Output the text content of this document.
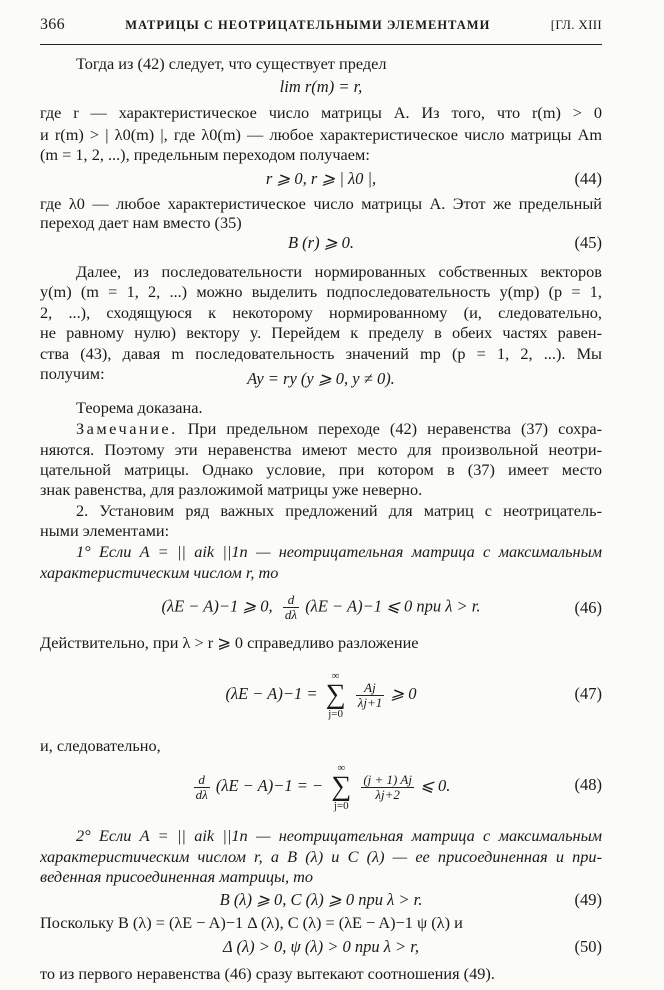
366	МАТРИЦЫ С НЕОТРИЦАТЕЛЬНЫМИ ЭЛЕМЕНТАМИ	[ГЛ. XIII
Тогда из (42) следует, что существует предел
lim r(m) = r,
где r — характеристическое число матрицы A. Из того, что r(m) > 0
и r(m) > | λ0(m) |, где λ0(m) — любое характеристическое число матрицы Am
(m = 1, 2, ...), предельным переходом получаем:
r ⩾ 0, r ⩾ | λ0 |,	(44)
где λ0 — любое характеристическое число матрицы A. Этот же предельный
переход дает нам вместо (35)
B (r) ⩾ 0.	(45)
Далее, из последовательности нормированных собственных векторов
y(m) (m = 1, 2, ...) можно выделить подпоследовательность y(mp) (p = 1,
2, ...), сходящуюся к некоторому нормированному (и, следовательно,
не равному нулю) вектору y. Перейдем к пределу в обеих частях равен-
ства (43), давая m последовательность значений mp (p = 1, 2, ...). Мы
получим:	Ay = ry (y ⩾ 0, y ≠ 0).
Теорема доказана.
Замечание. При предельном переходе (42) неравенства (37) сохра-
няются. Поэтому эти неравенства имеют место для произвольной неотри-
цательной матрицы. Однако условие, при котором в (37) имеет место
знак равенства, для разложимой матрицы уже неверно.
2. Установим ряд важных предложений для матриц с неотрицатель-
ными элементами:
1° Если A = || aik ||1n — неотрицательная матрица с максимальным
характеристическим числом r, то
(λE − A)−1 ⩾ 0, $\frac{d}{d\lambda} (\lambda E - A)-1$ ⩽ 0 при λ > r.	(46)
Действительно, при λ > r ⩾ 0 справедливо разложение
(λE − A)−1 = ∞
∑
j=0
$\frac{Aj}{\lambda j+1}$ ⩾ 0	(47)
и, следовательно,
$\frac{d}{d\lambda} (\lambda E - A)-1$ = − ∞
∑
j=0
$\frac{(j + 1) Aj}{\lambda j+2}$ ⩽ 0.	(48)
2° Если A = || aik ||1n — неотрицательная матрица с максимальным
характеристическим числом r, а B (λ) и C (λ) — ее присоединенная и при-
веденная присоединенная матрицы, то
B (λ) ⩾ 0, C (λ) ⩾ 0 при λ > r.	(49)
Поскольку B (λ) = (λE − A)−1 Δ (λ), C (λ) = (λE − A)−1 ψ (λ) и
Δ (λ) > 0, ψ (λ) > 0 при λ > r,	(50)
то из первого неравенства (46) сразу вытекают соотношения (49).
